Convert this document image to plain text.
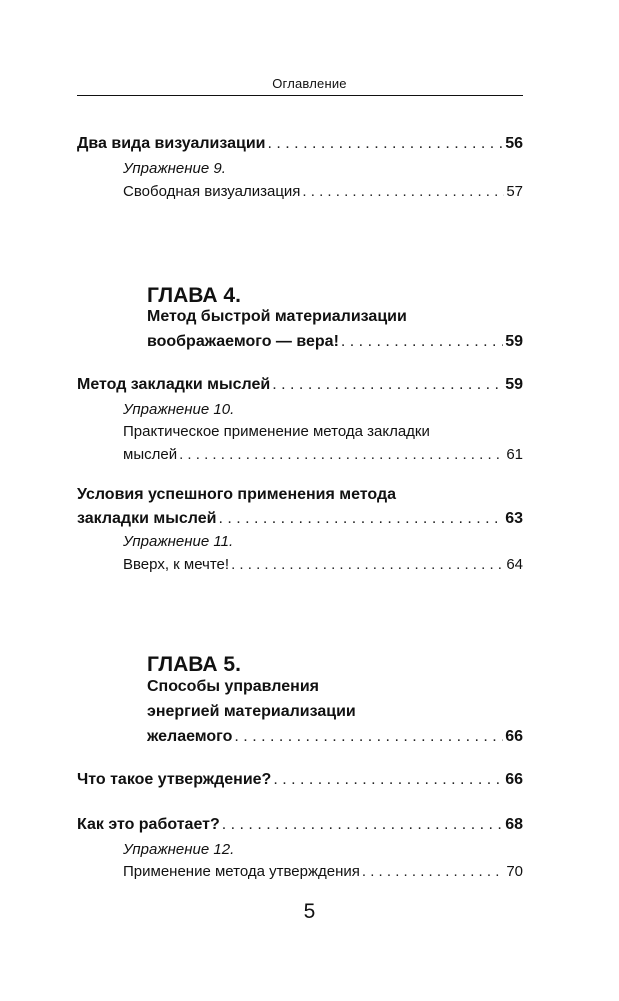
Оглавление
Два вида визуализации . . .	56
Упражнение 9.
Свободная визуализация . . .	57
ГЛАВА 4.
Метод быстрой материализации
воображаемого — вера! . . .	59
Метод закладки мыслей . . .	59
Упражнение 10.
Практическое применение метода закладки
мыслей . . .	61
Условия успешного применения метода
закладки мыслей . . .	63
Упражнение 11.
Вверх, к мечте! . . .	64
ГЛАВА 5.
Способы управления
энергией материализации
желаемого . . .	66
Что такое утверждение? . . .	66
Как это работает? . . .	68
Упражнение 12.
Применение метода утверждения . . .	70
5
